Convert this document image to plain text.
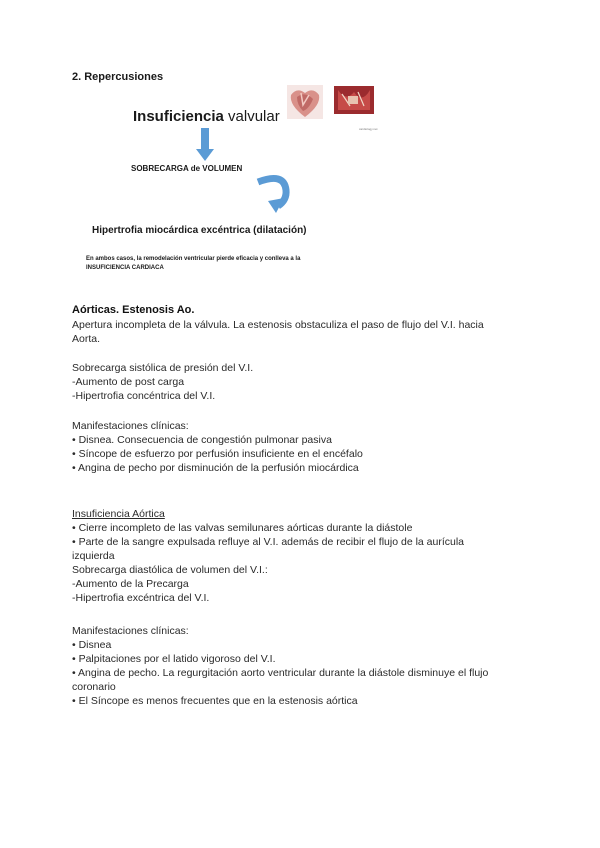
2. Repercusiones
Insuficiencia valvular
cardiology.net
SOBRECARGA de VOLUMEN
Hipertrofia miocárdica excéntrica (dilatación)
En ambos casos, la remodelación ventricular pierde eficacia y conlleva a la
INSUFICIENCIA CARDIACA
Aórticas. Estenosis Ao.
Apertura incompleta de la válvula. La estenosis obstaculiza el paso de flujo del V.I. hacia
Aorta.
Sobrecarga sistólica de presión del V.I.
-Aumento de post carga
-Hipertrofia concéntrica del V.I.
Manifestaciones clínicas:
• Disnea. Consecuencia de congestión pulmonar pasiva
• Síncope de esfuerzo por perfusión insuficiente en el encéfalo
• Angina de pecho por disminución de la perfusión miocárdica
Insuficiencia Aórtica
• Cierre incompleto de las valvas semilunares aórticas durante la diástole
• Parte de la sangre expulsada refluye al V.I. además de recibir el flujo de la aurícula
izquierda
Sobrecarga diastólica de volumen del V.I.:
-Aumento de la Precarga
-Hipertrofia excéntrica del V.I.
Manifestaciones clínicas:
• Disnea
• Palpitaciones por el latido vigoroso del V.I.
• Angina de pecho. La regurgitación aorto ventricular durante la diástole disminuye el flujo
coronario
• El Síncope es menos frecuentes que en la estenosis aórtica
